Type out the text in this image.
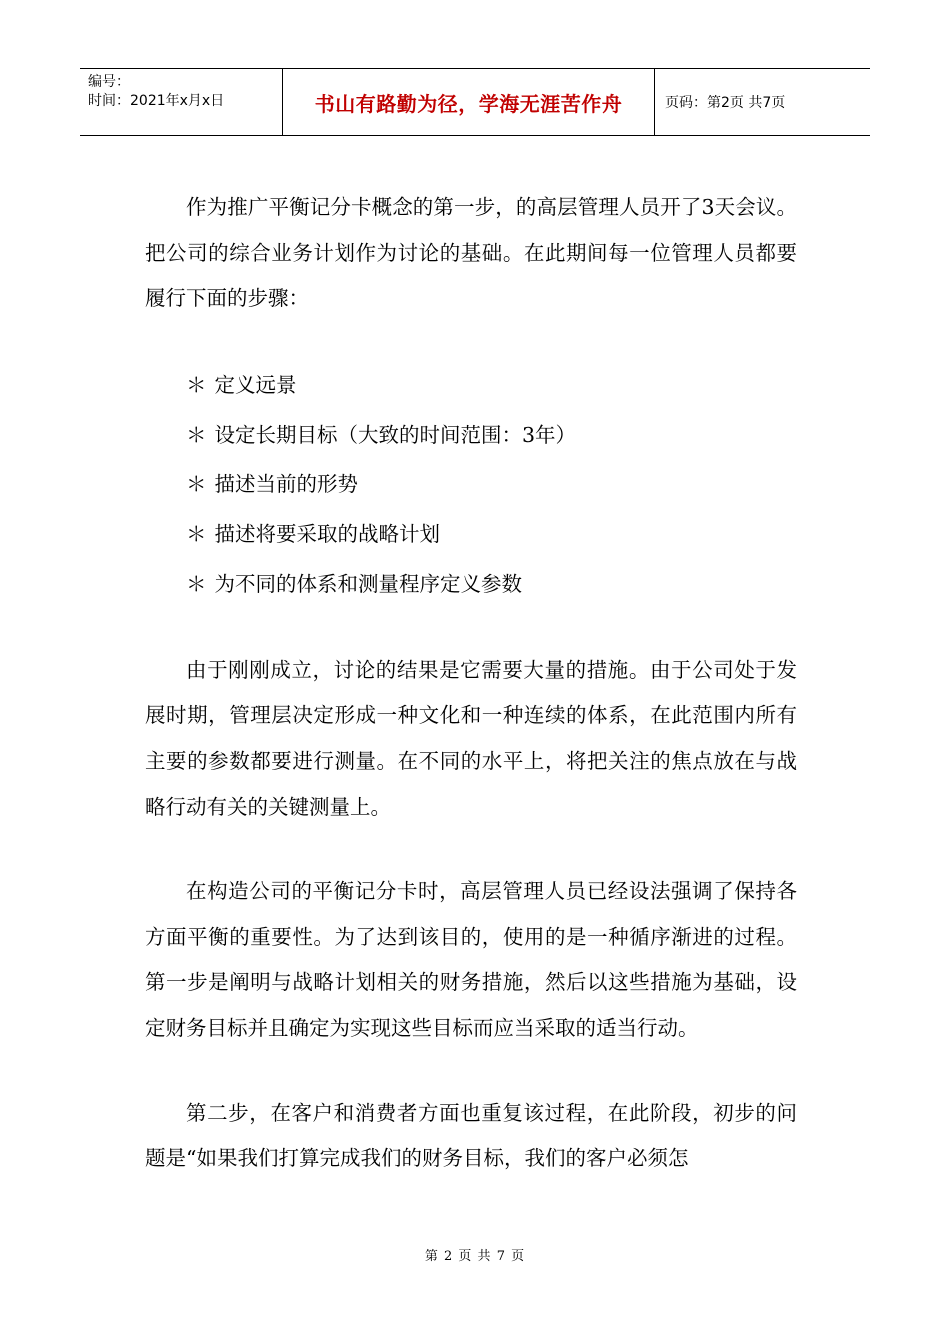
编号：
时间：2021年x月x日	书山有路勤为径，学海无涯苦作舟	页码：第2页 共7页

作为推广平衡记分卡概念的第一步，的高层管理人员开了3天会议。把公司的综合业务计划作为讨论的基础。在此期间每一位管理人员都要履行下面的步骤：

＊ 定义远景
＊ 设定长期目标（大致的时间范围：3年）
＊ 描述当前的形势
＊ 描述将要采取的战略计划
＊ 为不同的体系和测量程序定义参数

由于刚刚成立，讨论的结果是它需要大量的措施。由于公司处于发展时期，管理层决定形成一种文化和一种连续的体系，在此范围内所有主要的参数都要进行测量。在不同的水平上，将把关注的焦点放在与战略行动有关的关键测量上。

在构造公司的平衡记分卡时，高层管理人员已经设法强调了保持各方面平衡的重要性。为了达到该目的，使用的是一种循序渐进的过程。第一步是阐明与战略计划相关的财务措施，然后以这些措施为基础，设定财务目标并且确定为实现这些目标而应当采取的适当行动。

第二步，在客户和消费者方面也重复该过程，在此阶段，初步的问题是“如果我们打算完成我们的财务目标，我们的客户必须怎

第 2 页 共 7 页
